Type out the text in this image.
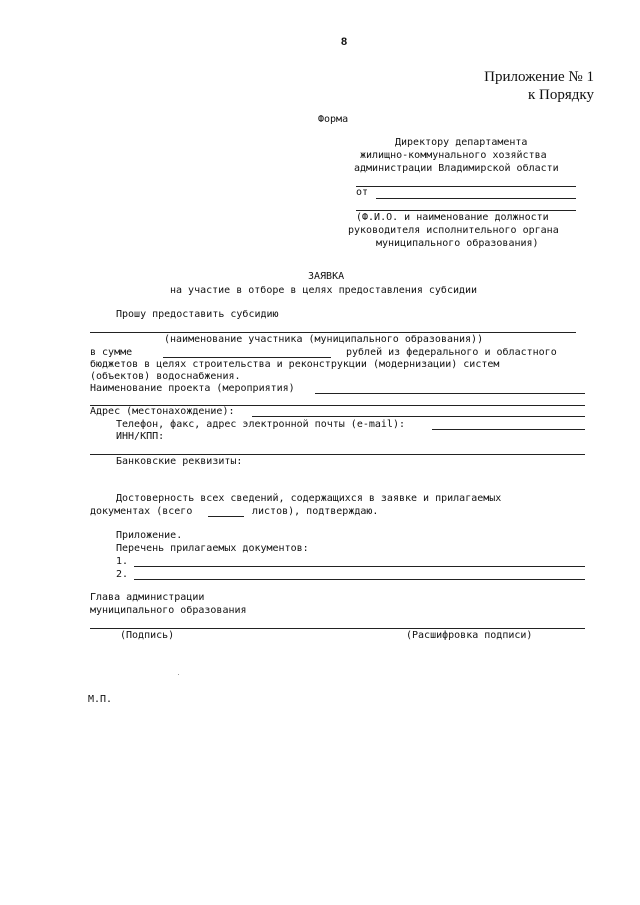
8
Приложение № 1
к Порядку
Форма
Директору департамента
жилищно-коммунального хозяйства
администрации Владимирской области
от
(Ф.И.О. и наименование должности
руководителя исполнительного органа
муниципального образования)
ЗАЯВКА
на участие в отборе в целях предоставления субсидии
Прошу предоставить субсидию
(наименование участника (муниципального образования))
в сумме	рублей из федерального и областного
бюджетов в целях строительства и реконструкции (модернизации) систем
(объектов) водоснабжения.
Наименование проекта (мероприятия)
Адрес (местонахождение):
Телефон, факс, адрес электронной почты (e-mail):
ИНН/КПП:
Банковские реквизиты:
Достоверность всех сведений, содержащихся в заявке и прилагаемых
документах (всего	листов), подтверждаю.
Приложение.
Перечень прилагаемых документов:
1.
2.
Глава администрации
муниципального образования
(Подпись)	(Расшифровка подписи)
М.П.
